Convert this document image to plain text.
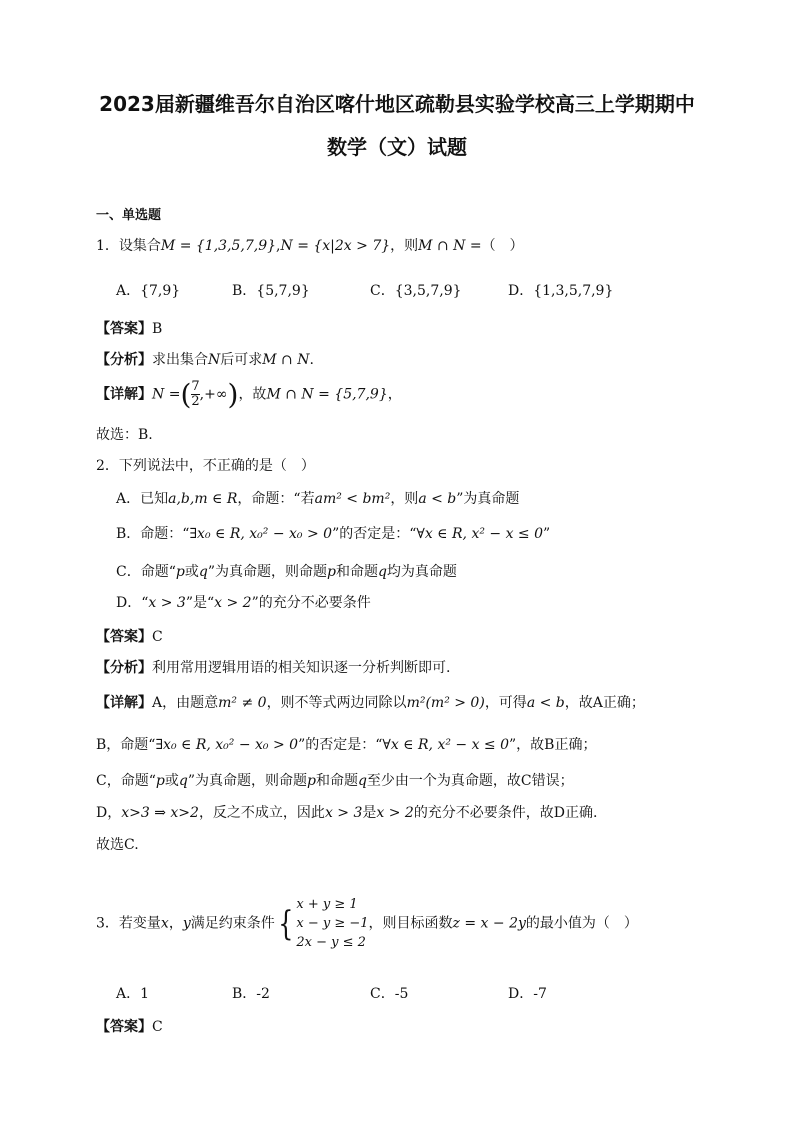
2023届新疆维吾尔自治区喀什地区疏勒县实验学校高三上学期期中
数学（文）试题
一、单选题
1．设集合M = {1,3,5,7,9},N = {x|2x > 7}，则M ∩ N =（　）
A．{7,9}	B．{5,7,9}	C．{3,5,7,9}	D．{1,3,5,7,9}
【答案】B
【分析】求出集合N后可求M ∩ N.
【详解】N =( $\frac{7}{2}$ ,+∞)，故M ∩ N = {5,7,9}，
故选：B.
2．下列说法中，不正确的是（　）
A．已知a,b,m ∈ R，命题：“若am² < bm²，则a < b”为真命题
B．命题：“∃x₀ ∈ R, x₀² − x₀ > 0”的否定是：“∀x ∈ R, x² − x ≤ 0”
C．命题“p或q”为真命题，则命题p和命题q均为真命题
D．“x > 3”是“x > 2”的充分不必要条件
【答案】C
【分析】利用常用逻辑用语的相关知识逐一分析判断即可.
【详解】A，由题意m² ≠ 0，则不等式两边同除以m²(m² > 0)，可得a < b，故A正确；
B，命题“∃x₀ ∈ R, x₀² − x₀ > 0”的否定是：“∀x ∈ R, x² − x ≤ 0”，故B正确；
C，命题“p或q”为真命题，则命题p和命题q至少由一个为真命题，故C错误；
D，x>3 ⇒ x>2，反之不成立，因此x > 3是x > 2的充分不必要条件，故D正确.
故选C.
3．若变量x，y满足约束条件{ x + y ≥ 1
x − y ≥ −1
2x − y ≤ 2
，则目标函数z = x − 2y的最小值为（　）
A．1	B．-2	C．-5	D．-7
【答案】C
